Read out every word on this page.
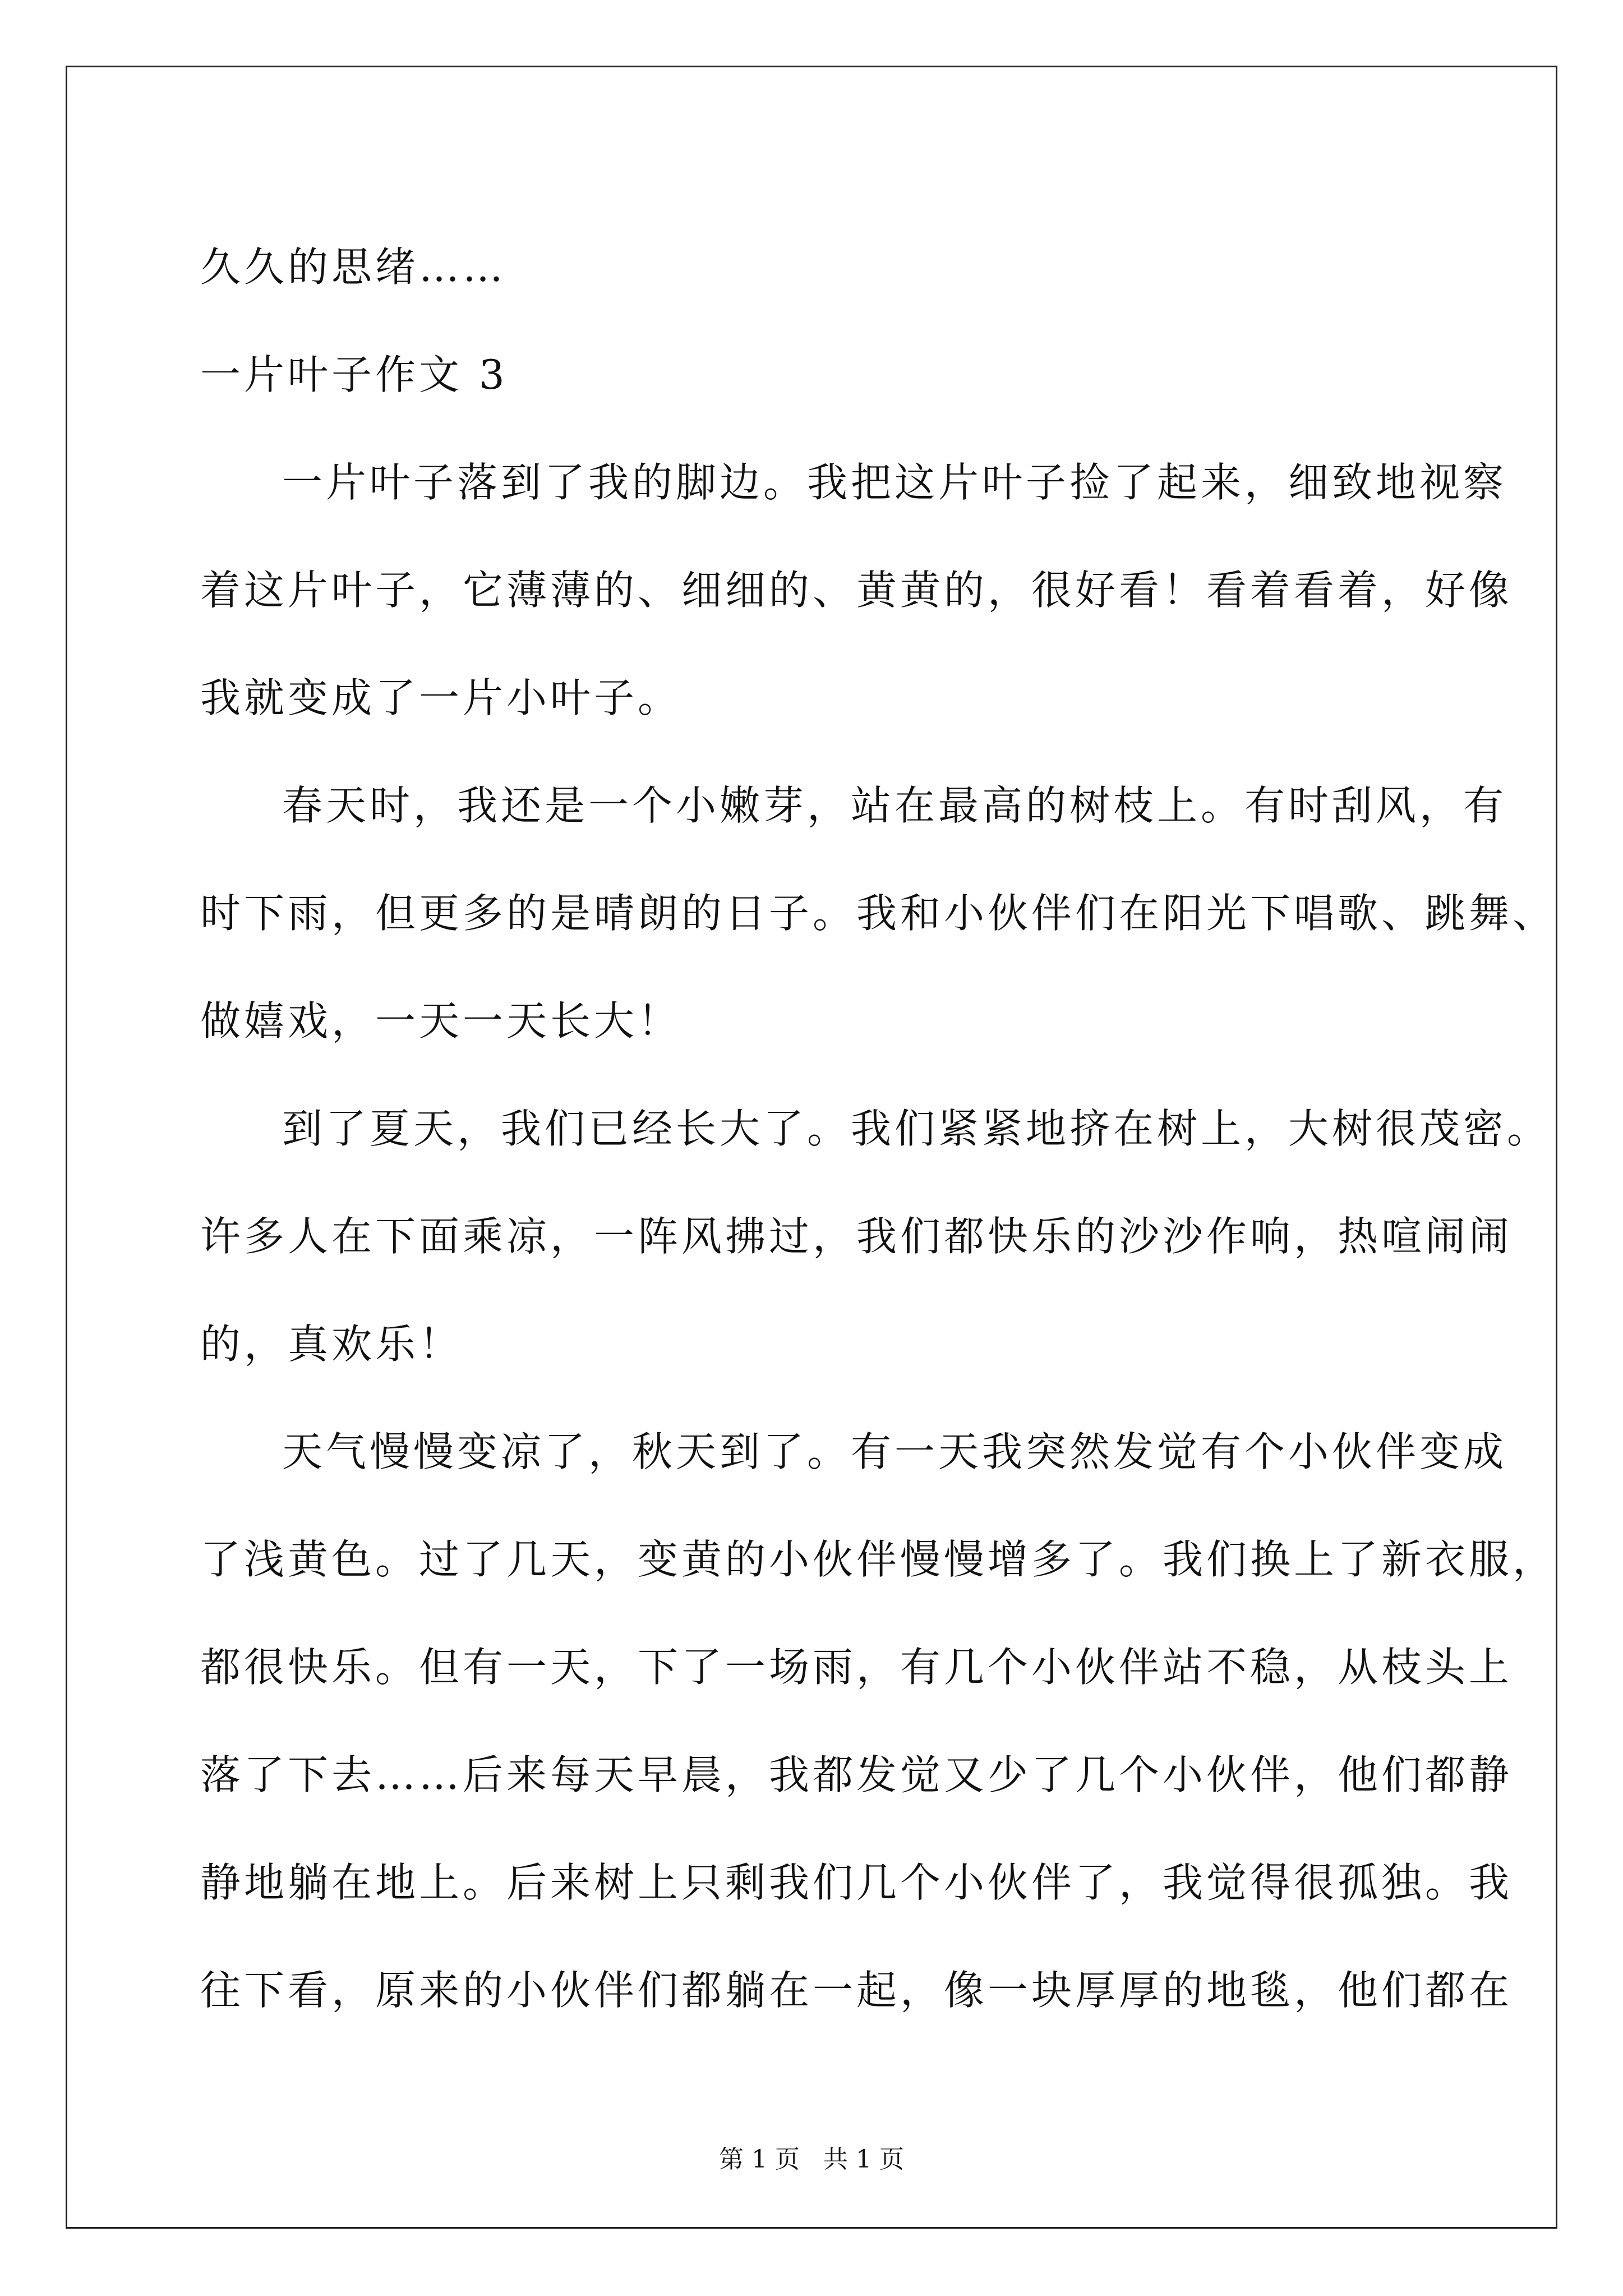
久久的思绪……
一片叶子作文 3
一片叶子落到了我的脚边。我把这片叶子捡了起来，细致地视察
着这片叶子，它薄薄的、细细的、黄黄的，很好看！看着看着，好像
我就变成了一片小叶子。
春天时，我还是一个小嫩芽，站在最高的树枝上。有时刮风，有
时下雨，但更多的是晴朗的日子。我和小伙伴们在阳光下唱歌、跳舞、
做嬉戏，一天一天长大！
到了夏天，我们已经长大了。我们紧紧地挤在树上，大树很茂密。
许多人在下面乘凉，一阵风拂过，我们都快乐的沙沙作响，热喧闹闹
的，真欢乐！
天气慢慢变凉了，秋天到了。有一天我突然发觉有个小伙伴变成
了浅黄色。过了几天，变黄的小伙伴慢慢增多了。我们换上了新衣服，
都很快乐。但有一天，下了一场雨，有几个小伙伴站不稳，从枝头上
落了下去……后来每天早晨，我都发觉又少了几个小伙伴，他们都静
静地躺在地上。后来树上只剩我们几个小伙伴了，我觉得很孤独。我
往下看，原来的小伙伴们都躺在一起，像一块厚厚的地毯，他们都在
第 1 页   共 1 页
